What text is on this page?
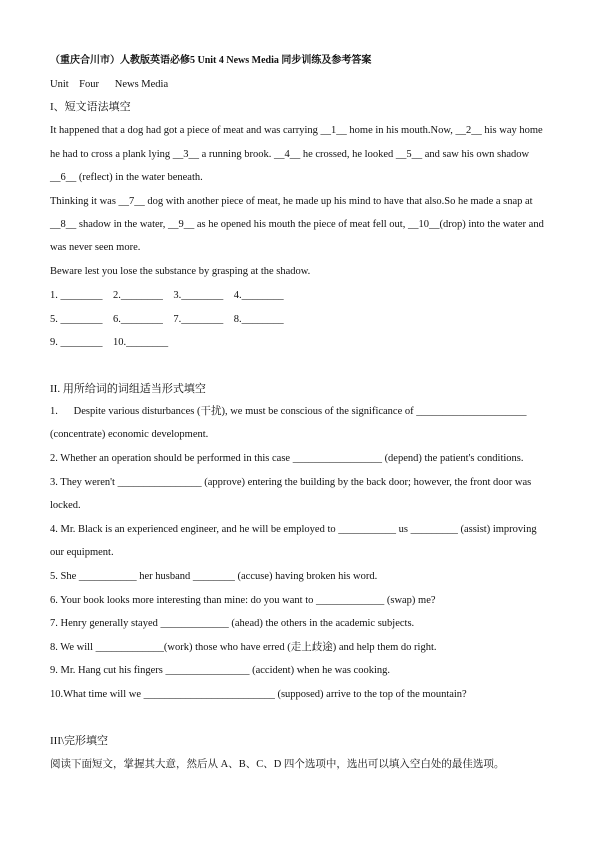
（重庆合川市）人教版英语必修5 Unit 4 News Media 同步训练及参考答案
Unit    Four      News Media
I、短文语法填空
It happened that a dog had got a piece of meat and was carrying __1__ home in his mouth.Now, __2__ his way home
he had to cross a plank lying __3__ a running brook. __4__ he crossed, he looked __5__ and saw his own shadow
__6__ (reflect) in the water beneath.
Thinking it was __7__ dog with another piece of meat, he made up his mind to have that also.So he made a snap at
__8__ shadow in the water, __9__ as he opened his mouth the piece of meat fell out, __10__(drop) into the water and
was never seen more.
Beware lest you lose the substance by grasping at the shadow.
1. ________    2.________    3.________    4.________
5. ________    6.________    7.________    8.________
9. ________    10.________
II. 用所给词的词组适当形式填空
1.      Despite various disturbances (干扰), we must be conscious of the significance of _____________________
(concentrate) economic development.
2. Whether an operation should be performed in this case _________________ (depend) the patient's conditions.
3. They weren't ________________ (approve) entering the building by the back door; however, the front door was
locked.
4. Mr. Black is an experienced engineer, and he will be employed to ___________ us _________ (assist) improving
our equipment.
5. She ___________ her husband ________ (accuse) having broken his word.
6. Your book looks more interesting than mine: do you want to _____________ (swap) me?
7. Henry generally stayed _____________ (ahead) the others in the academic subjects.
8. We will _____________(work) those who have erred (走上歧途) and help them do right.
9. Mr. Hang cut his fingers ________________ (accident) when he was cooking.
10.What time will we _________________________ (supposed) arrive to the top of the mountain?
III\完形填空
阅读下面短文，掌握其大意，然后从 A、B、C、D 四个选项中，选出可以填入空白处的最佳选项。
